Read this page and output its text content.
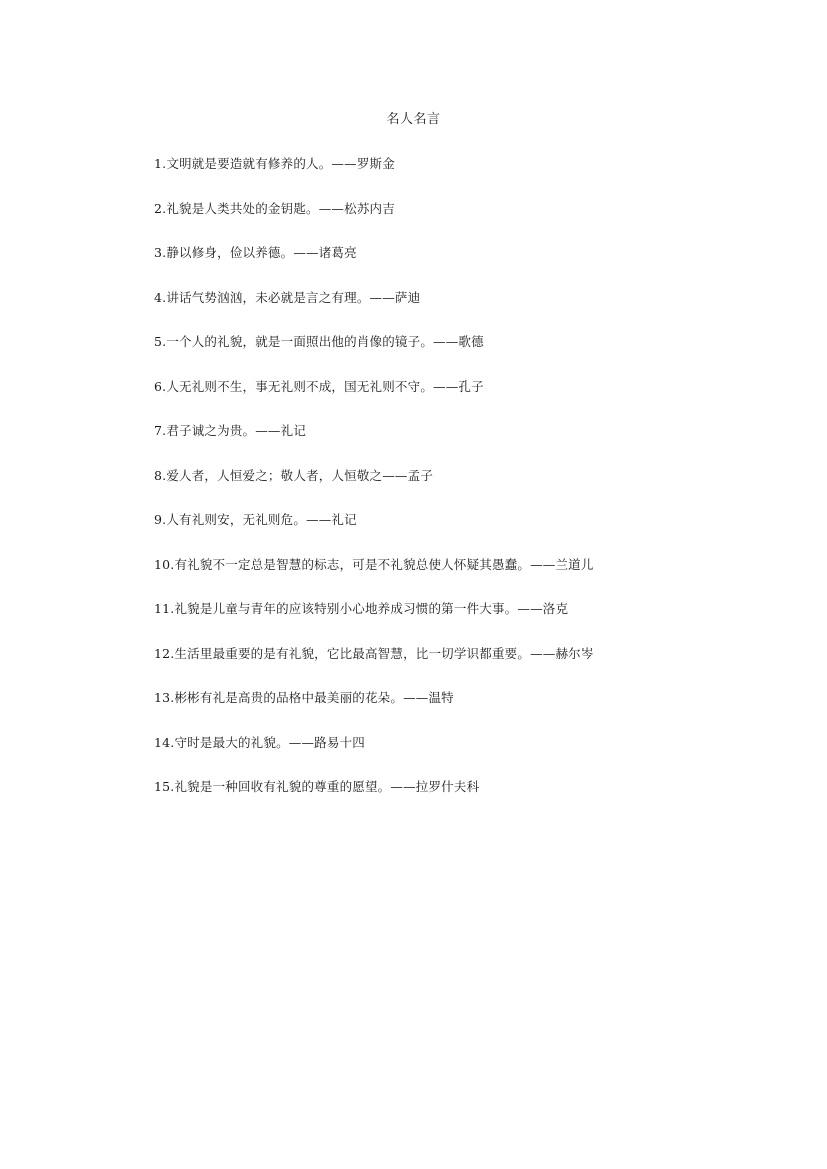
名人名言
1.文明就是要造就有修养的人。——罗斯金
2.礼貌是人类共处的金钥匙。——松苏内吉
3.静以修身，俭以养德。——诸葛亮
4.讲话气势汹汹，未必就是言之有理。——萨迪
5.一个人的礼貌，就是一面照出他的肖像的镜子。——歌德
6.人无礼则不生，事无礼则不成，国无礼则不守。——孔子
7.君子诚之为贵。——礼记
8.爱人者，人恒爱之；敬人者，人恒敬之——孟子
9.人有礼则安，无礼则危。——礼记
10.有礼貌不一定总是智慧的标志，可是不礼貌总使人怀疑其愚蠢。——兰道儿
11.礼貌是儿童与青年的应该特别小心地养成习惯的第一件大事。——洛克
12.生活里最重要的是有礼貌，它比最高智慧，比一切学识都重要。——赫尔岑
13.彬彬有礼是高贵的品格中最美丽的花朵。——温特
14.守时是最大的礼貌。——路易十四
15.礼貌是一种回收有礼貌的尊重的愿望。——拉罗什夫科
